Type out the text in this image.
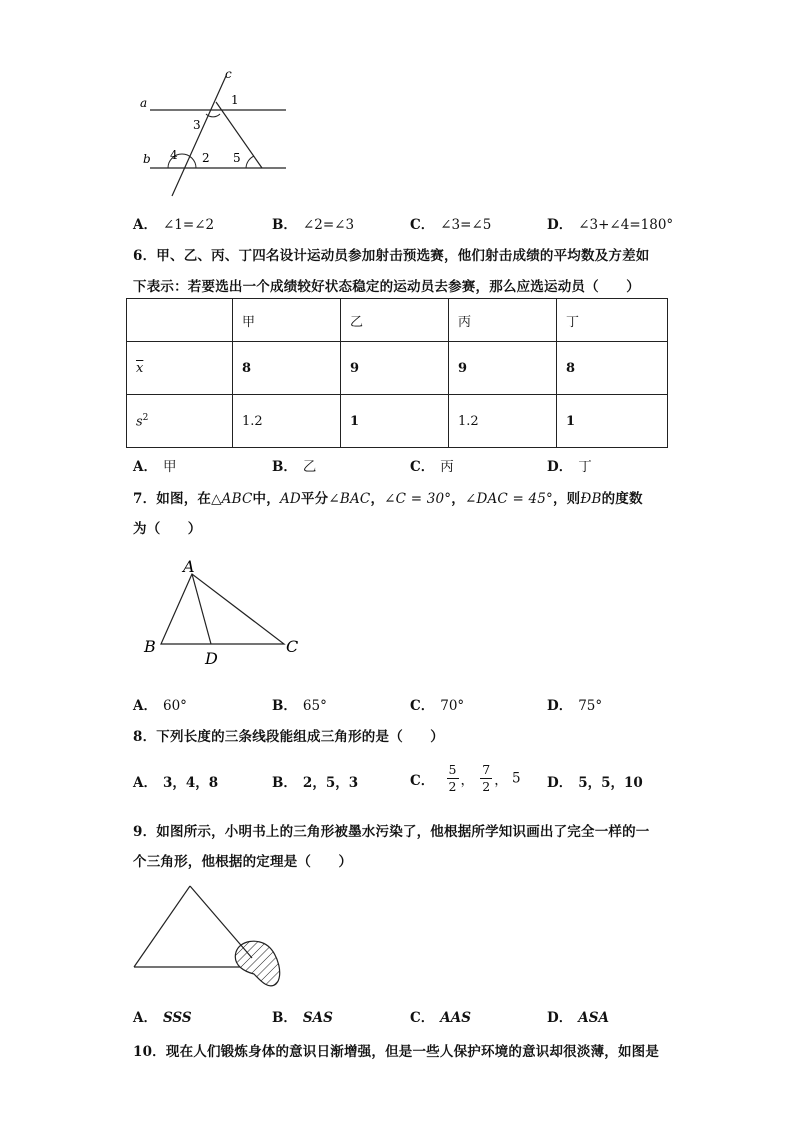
a
b
c
1
3
4 2 5
A． ∠1=∠2	B． ∠2=∠3	C． ∠3=∠5	D． ∠3+∠4=180°
6．甲、乙、丙、丁四名设计运动员参加射击预选赛，他们射击成绩的平均数及方差如
下表示：若要选出一个成绩较好状态稳定的运动员去参赛，那么应选运动员（　　）
	甲	乙	丙	丁
$\overline{x}$	8	9	9	8
$s^2$	1.2	1	1.2	1
A． 甲	B． 乙	C． 丙	D． 丁
7．如图，在△ABC中，AD平分∠BAC，∠C = 30°，∠DAC = 45°，则ÐB的度数
为（　　）
A
B	C
D
A． 60°	B． 65°	C． 70°	D． 75°
8．下列长度的三条线段能组成三角形的是（　　）
A． 3，4，8	B． 2，5，3	C． $\frac{5}{2}$ ， $\frac{7}{2}$ ， 5 D． 5，5，10
9．如图所示，小明书上的三角形被墨水污染了，他根据所学知识画出了完全一样的一
个三角形，他根据的定理是（　　）
A． SSS	B． SAS	C． AAS	D． ASA
10．现在人们锻炼身体的意识日渐增强，但是一些人保护环境的意识却很淡薄，如图是
